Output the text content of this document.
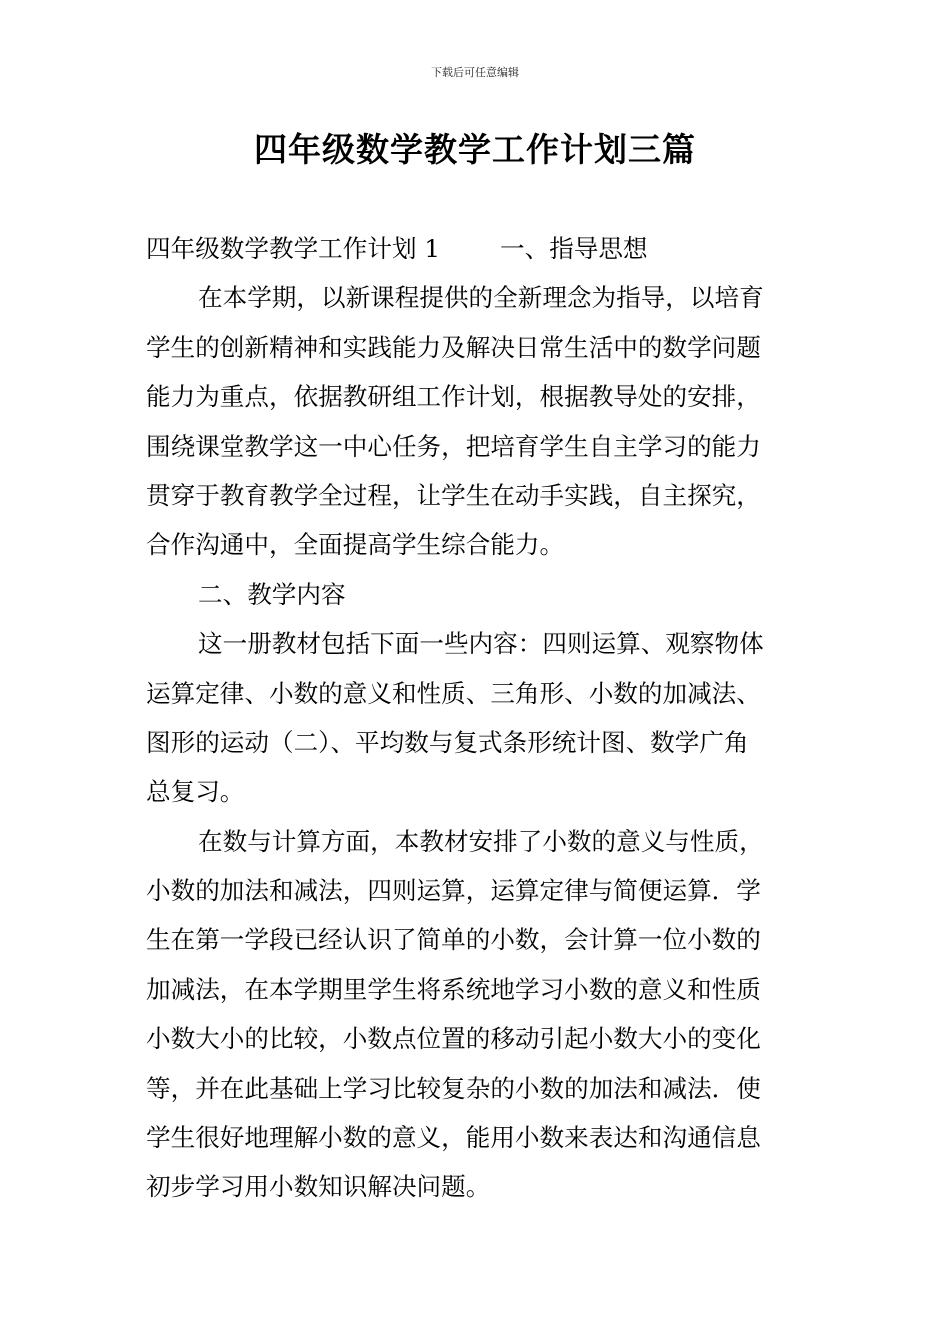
下载后可任意编辑
四年级数学教学工作计划三篇
四年级数学教学工作计划 1 一、指导思想
在本学期，以新课程提供的全新理念为指导，以培育
学生的创新精神和实践能力及解决日常生活中的数学问题
能力为重点，依据教研组工作计划，根据教导处的安排，
围绕课堂教学这一中心任务，把培育学生自主学习的能力
贯穿于教育教学全过程，让学生在动手实践，自主探究，
合作沟通中，全面提高学生综合能力。
二、教学内容
这一册教材包括下面一些内容：四则运算、观察物体
运算定律、小数的意义和性质、三角形、小数的加减法、
图形的运动（二）、平均数与复式条形统计图、数学广角
总复习。
在数与计算方面，本教材安排了小数的意义与性质，
小数的加法和减法，四则运算，运算定律与简便运算．学
生在第一学段已经认识了简单的小数，会计算一位小数的
加减法，在本学期里学生将系统地学习小数的意义和性质
小数大小的比较，小数点位置的移动引起小数大小的变化
等，并在此基础上学习比较复杂的小数的加法和减法．使
学生很好地理解小数的意义，能用小数来表达和沟通信息
初步学习用小数知识解决问题。
